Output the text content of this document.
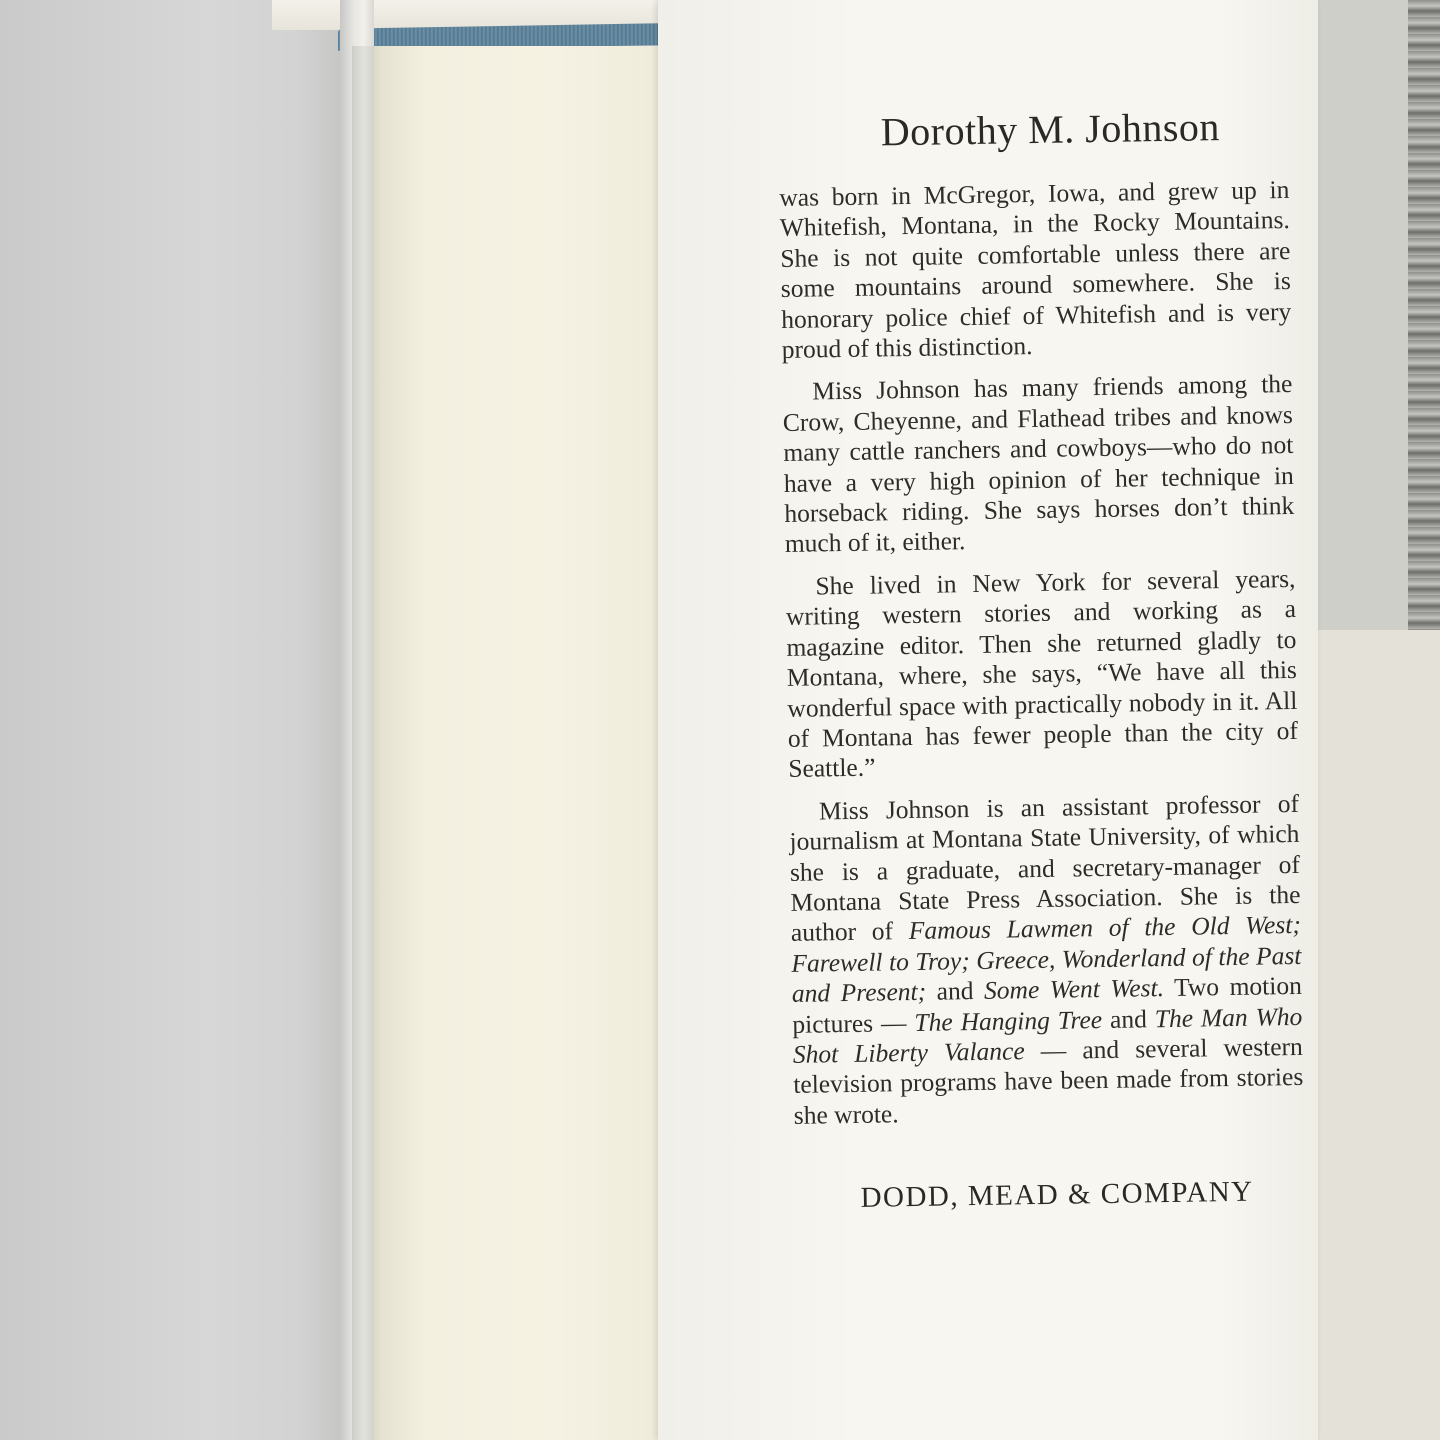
Dorothy M. Johnson

was born in McGregor, Iowa, and grew up in Whitefish, Montana, in the Rocky Mountains. She is not quite comfortable unless there are some mountains around somewhere. She is honorary police chief of Whitefish and is very proud of this distinction.

Miss Johnson has many friends among the Crow, Cheyenne, and Flathead tribes and knows many cattle ranchers and cowboys—who do not have a very high opinion of her technique in horseback riding. She says horses don’t think much of it, either.

She lived in New York for several years, writing western stories and working as a magazine editor. Then she returned gladly to Montana, where, she says, “We have all this wonderful space with practically nobody in it. All of Montana has fewer people than the city of Seattle.”

Miss Johnson is an assistant professor of journalism at Montana State University, of which she is a graduate, and secretary-manager of Montana State Press Association. She is the author of Famous Lawmen of the Old West; Farewell to Troy; Greece, Wonderland of the Past and Present; and Some Went West. Two motion pictures — The Hanging Tree and The Man Who Shot Liberty Valance — and several western television programs have been made from stories she wrote.

DODD, MEAD & COMPANY
